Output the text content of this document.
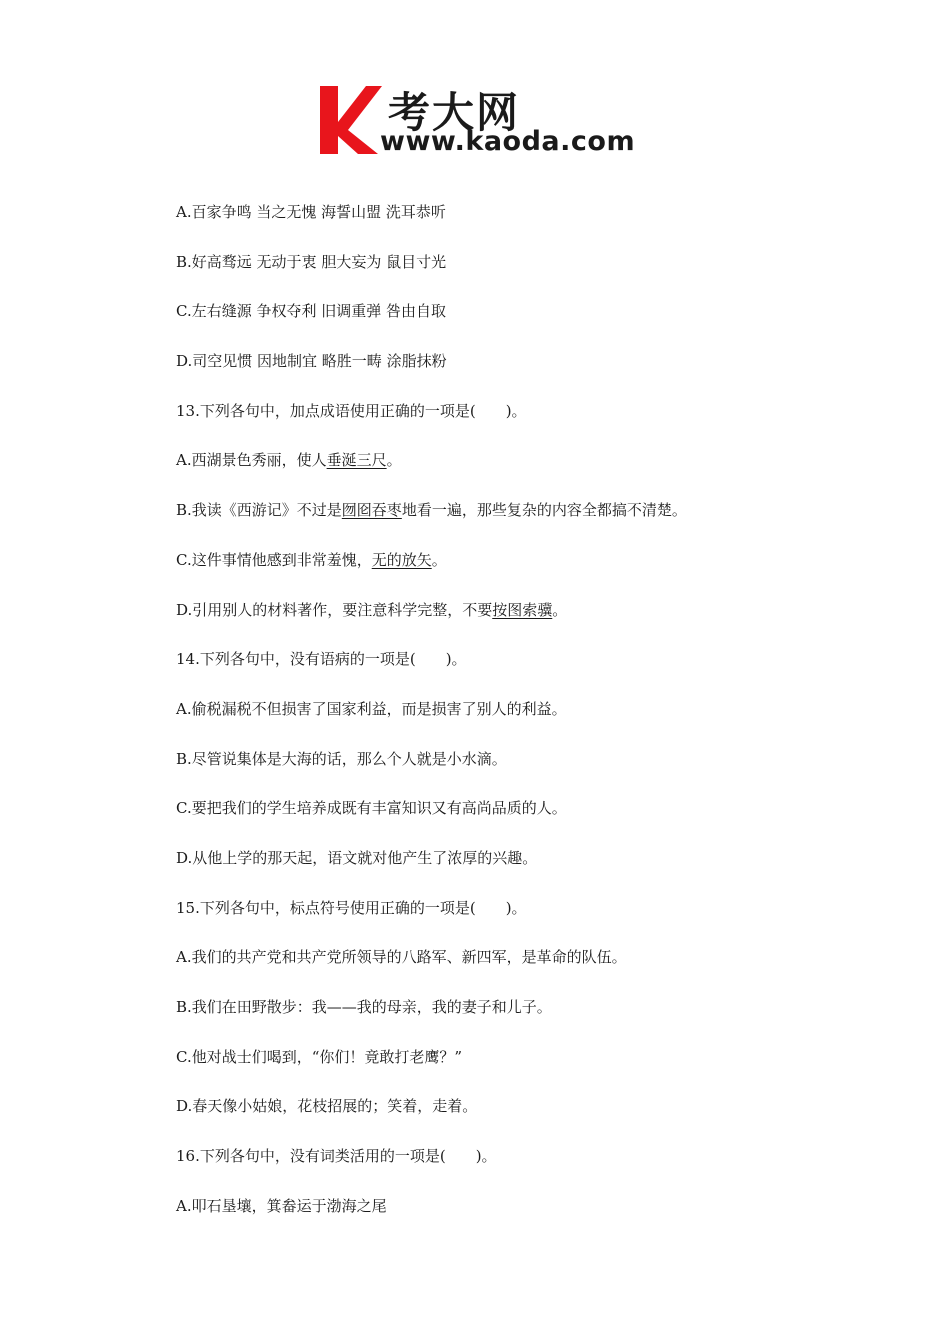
考大网
www.kaoda.com
A.百家争鸣 当之无愧 海誓山盟 洗耳恭听
B.好高骛远 无动于衷 胆大妄为 鼠目寸光
C.左右缝源 争权夺利 旧调重弹 咎由自取
D.司空见惯 因地制宜 略胜一畴 涂脂抹粉
13.下列各句中，加点成语使用正确的一项是(　　)。
A.西湖景色秀丽，使人垂涎三尺。
B.我读《西游记》不过是囫囵吞枣地看一遍，那些复杂的内容全都搞不清楚。
C.这件事情他感到非常羞愧，无的放矢。
D.引用别人的材料著作，要注意科学完整，不要按图索骥。
14.下列各句中，没有语病的一项是(　　)。
A.偷税漏税不但损害了国家利益，而是损害了别人的利益。
B.尽管说集体是大海的话，那么个人就是小水滴。
C.要把我们的学生培养成既有丰富知识又有高尚品质的人。
D.从他上学的那天起，语文就对他产生了浓厚的兴趣。
15.下列各句中，标点符号使用正确的一项是(　　)。
A.我们的共产党和共产党所领导的八路军、新四军，是革命的队伍。
B.我们在田野散步：我——我的母亲，我的妻子和儿子。
C.他对战士们喝到，“你们！竟敢打老鹰？”
D.春天像小姑娘，花枝招展的；笑着，走着。
16.下列各句中，没有词类活用的一项是(　　)。
A.叩石垦壤，箕畚运于渤海之尾
